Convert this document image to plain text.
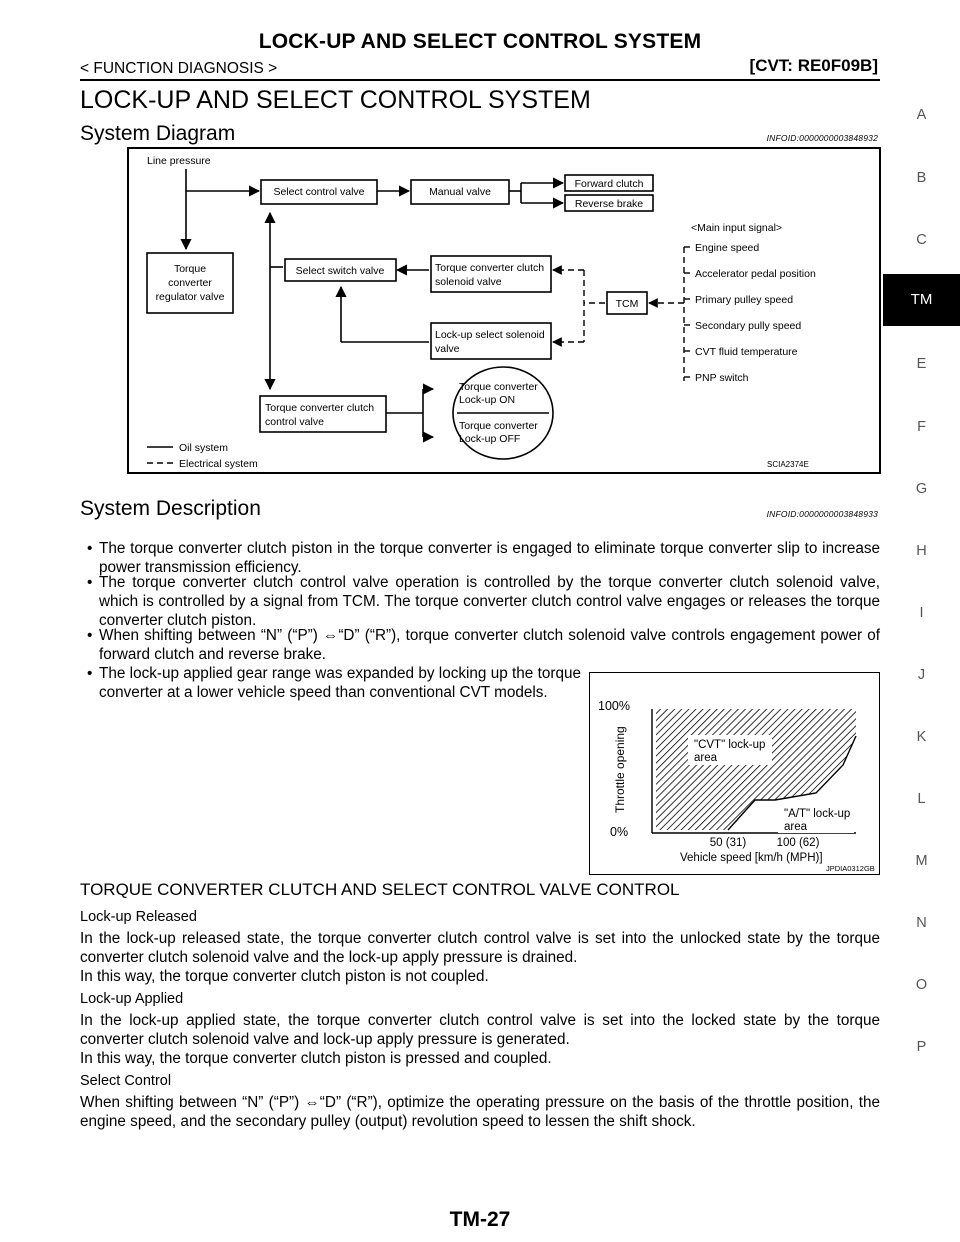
LOCK-UP AND SELECT CONTROL SYSTEM
< FUNCTION DIAGNOSIS >	[CVT: RE0F09B]
LOCK-UP AND SELECT CONTROL SYSTEM
System Diagram	INFOID:0000000003848932
Line pressure
Select control valve	Manual valve
Forward clutch
Reverse brake
<Main input signal>
Torque
converter
regulator valve
Select switch valve	Torque converter clutch
solenoid valve
TCM
Lock-up select solenoid
valve
Torque converter clutch
control valve
Torque converter
Lock-up ON
Torque converter
Lock-up OFF
Oil system
Electrical system
Engine speed
Accelerator pedal position
Primary pulley speed
Secondary pully speed
CVT fluid temperature
PNP switch
SCIA2374E
System Description	INFOID:0000000003848933
• The torque converter clutch piston in the torque converter is engaged to eliminate torque converter slip to increase power transmission efficiency.
• The torque converter clutch control valve operation is controlled by the torque converter clutch solenoid valve, which is controlled by a signal from TCM. The torque converter clutch control valve engages or releases the torque converter clutch piston.
• When shifting between “N” (“P”) ⇔“D” (“R”), torque converter clutch solenoid valve controls engagement power of forward clutch and reverse brake.
• The lock-up applied gear range was expanded by locking up the torque converter at a lower vehicle speed than conventional CVT models.
100%
0%
Throttle opening	"CVT" lock-up
area
"A/T" lock-up
area
50 (31)	100 (62)
Vehicle speed [km/h (MPH)]
JPDIA0312GB
TORQUE CONVERTER CLUTCH AND SELECT CONTROL VALVE CONTROL
Lock-up Released
In the lock-up released state, the torque converter clutch control valve is set into the unlocked state by the torque converter clutch solenoid valve and the lock-up apply pressure is drained.
In this way, the torque converter clutch piston is not coupled.
Lock-up Applied
In the lock-up applied state, the torque converter clutch control valve is set into the locked state by the torque converter clutch solenoid valve and lock-up apply pressure is generated.
In this way, the torque converter clutch piston is pressed and coupled.
Select Control
When shifting between “N” (“P”) ⇔“D” (“R”), optimize the operating pressure on the basis of the throttle position, the engine speed, and the secondary pulley (output) revolution speed to lessen the shift shock.
TM-27
A
B
C
TM
E
F
G
H
I
J
K
L
M
N
O
P
